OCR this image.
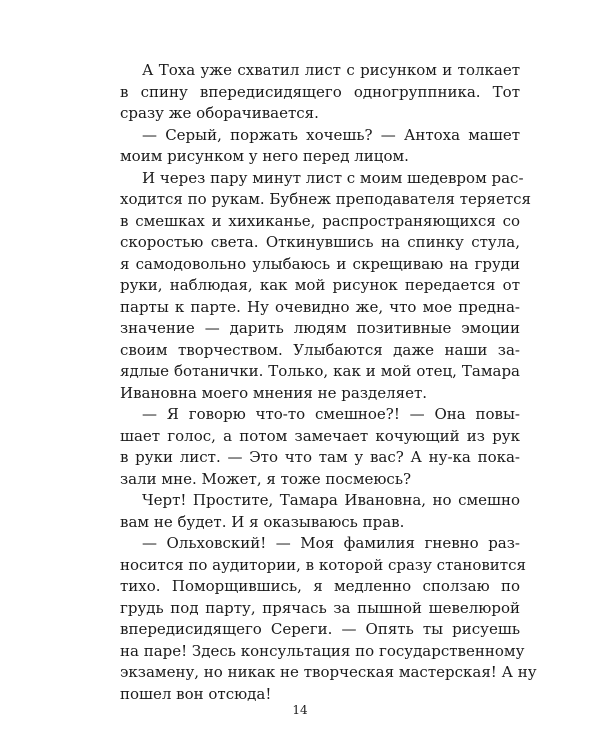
А Тоха уже схватил лист с рисунком и толкает
в спину впередисидящего одногруппника. Тот
сразу же оборачивается.
— Серый, поржать хочешь? — Антоха машет
моим рисунком у него перед лицом.
И через пару минут лист с моим шедевром рас-
ходится по рукам. Бубнеж преподавателя теряется
в смешках и хихиканье, распространяющихся со
скоростью света. Откинувшись на спинку стула,
я самодовольно улыбаюсь и скрещиваю на груди
руки, наблюдая, как мой рисунок передается от
парты к парте. Ну очевидно же, что мое предна-
значение — дарить людям позитивные эмоции
своим творчеством. Улыбаются даже наши за-
ядлые ботанички. Только, как и мой отец, Тамара
Ивановна моего мнения не разделяет.
— Я говорю что-то смешное?! — Она повы-
шает голос, а потом замечает кочующий из рук
в руки лист. — Это что там у вас? А ну-ка пока-
зали мне. Может, я тоже посмеюсь?
Черт! Простите, Тамара Ивановна, но смешно
вам не будет. И я оказываюсь прав.
— Ольховский! — Моя фамилия гневно раз-
носится по аудитории, в которой сразу становится
тихо. Поморщившись, я медленно сползаю по
грудь под парту, прячась за пышной шевелюрой
впередисидящего Сереги. — Опять ты рисуешь
на паре! Здесь консультация по государственному
экзамену, но никак не творческая мастерская! А ну
пошел вон отсюда!
14
